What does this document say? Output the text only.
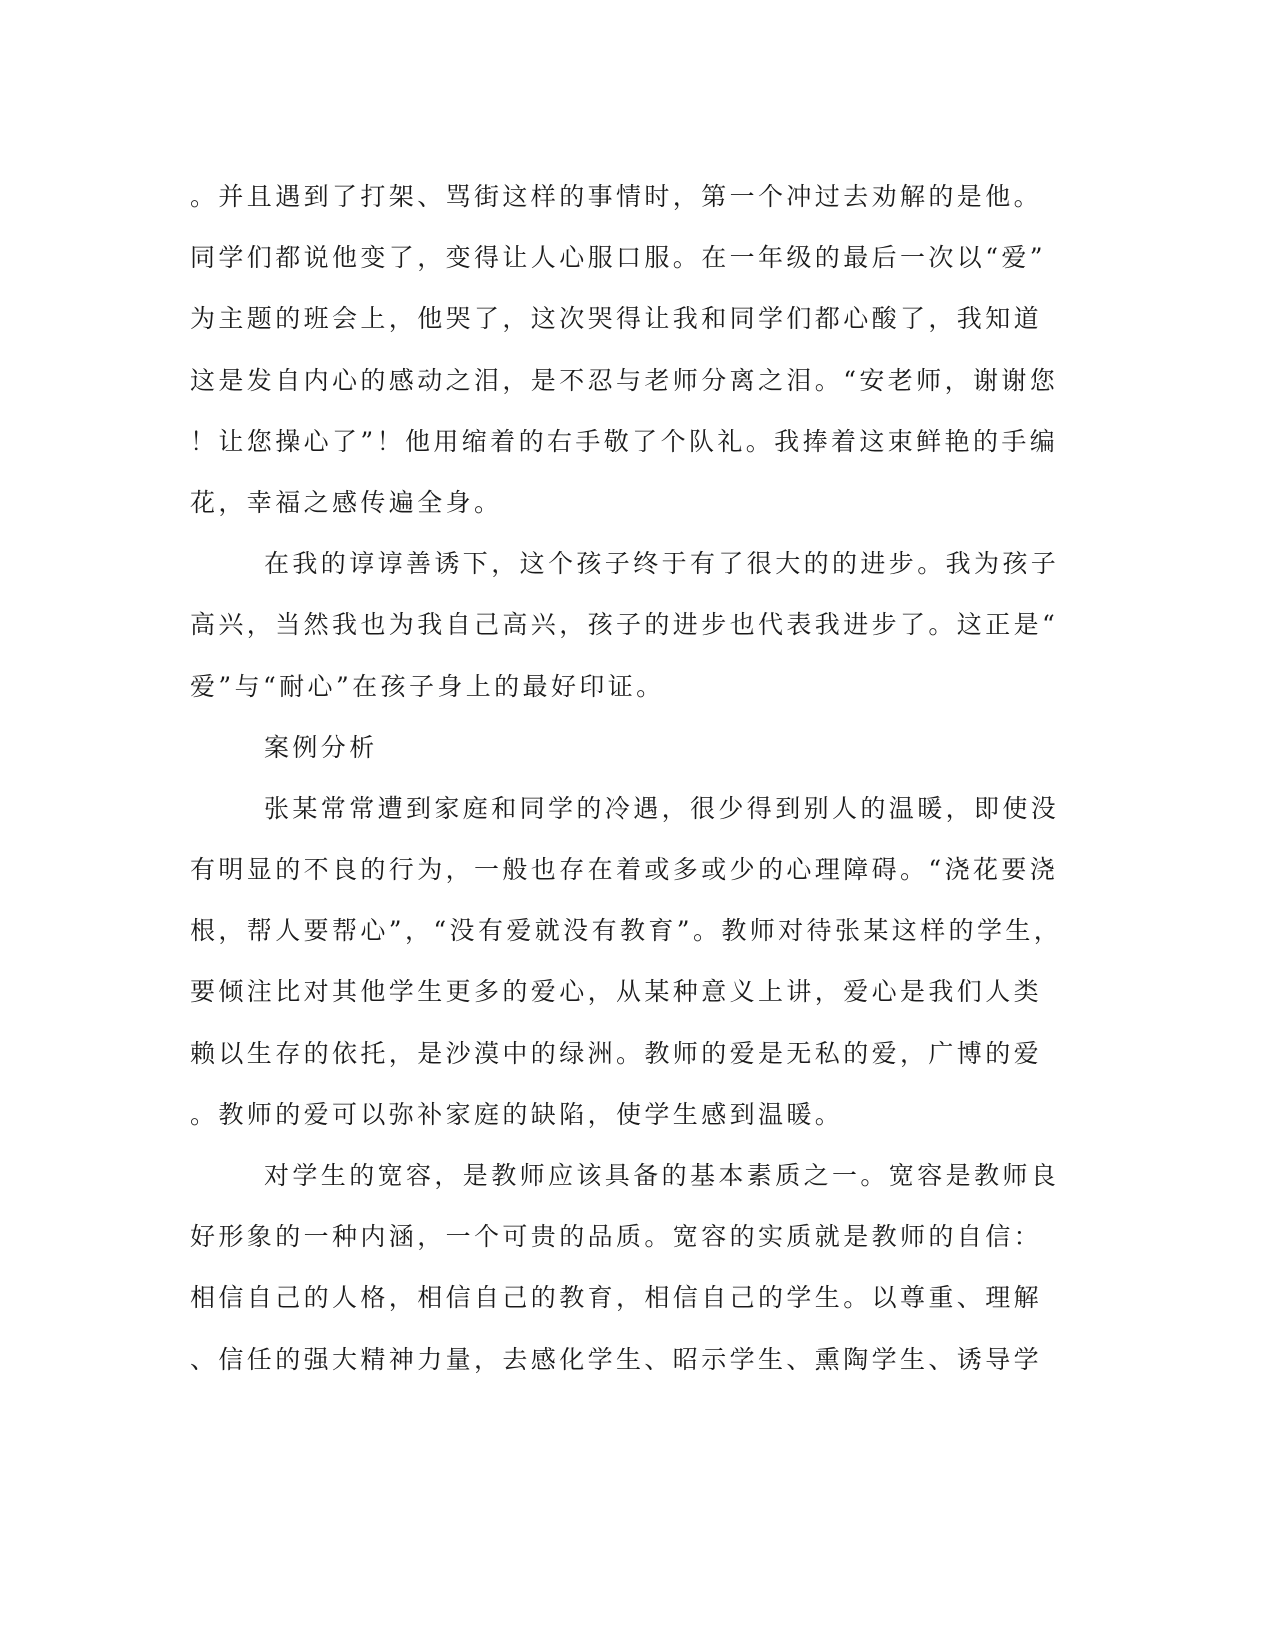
。并且遇到了打架、骂街这样的事情时，第一个冲过去劝解的是他。
同学们都说他变了，变得让人心服口服。在一年级的最后一次以“爱”
为主题的班会上，他哭了，这次哭得让我和同学们都心酸了，我知道
这是发自内心的感动之泪，是不忍与老师分离之泪。“安老师，谢谢您
！让您操心了”！他用缩着的右手敬了个队礼。我捧着这束鲜艳的手编
花，幸福之感传遍全身。
在我的谆谆善诱下，这个孩子终于有了很大的的进步。我为孩子
高兴，当然我也为我自己高兴，孩子的进步也代表我进步了。这正是“
爱”与“耐心”在孩子身上的最好印证。
案例分析
张某常常遭到家庭和同学的冷遇，很少得到别人的温暖，即使没
有明显的不良的行为，一般也存在着或多或少的心理障碍。“浇花要浇
根，帮人要帮心”，“没有爱就没有教育”。教师对待张某这样的学生，
要倾注比对其他学生更多的爱心，从某种意义上讲，爱心是我们人类
赖以生存的依托，是沙漠中的绿洲。教师的爱是无私的爱，广博的爱
。教师的爱可以弥补家庭的缺陷，使学生感到温暖。
对学生的宽容，是教师应该具备的基本素质之一。宽容是教师良
好形象的一种内涵，一个可贵的品质。宽容的实质就是教师的自信：
相信自己的人格，相信自己的教育，相信自己的学生。以尊重、理解
、信任的强大精神力量，去感化学生、昭示学生、熏陶学生、诱导学
